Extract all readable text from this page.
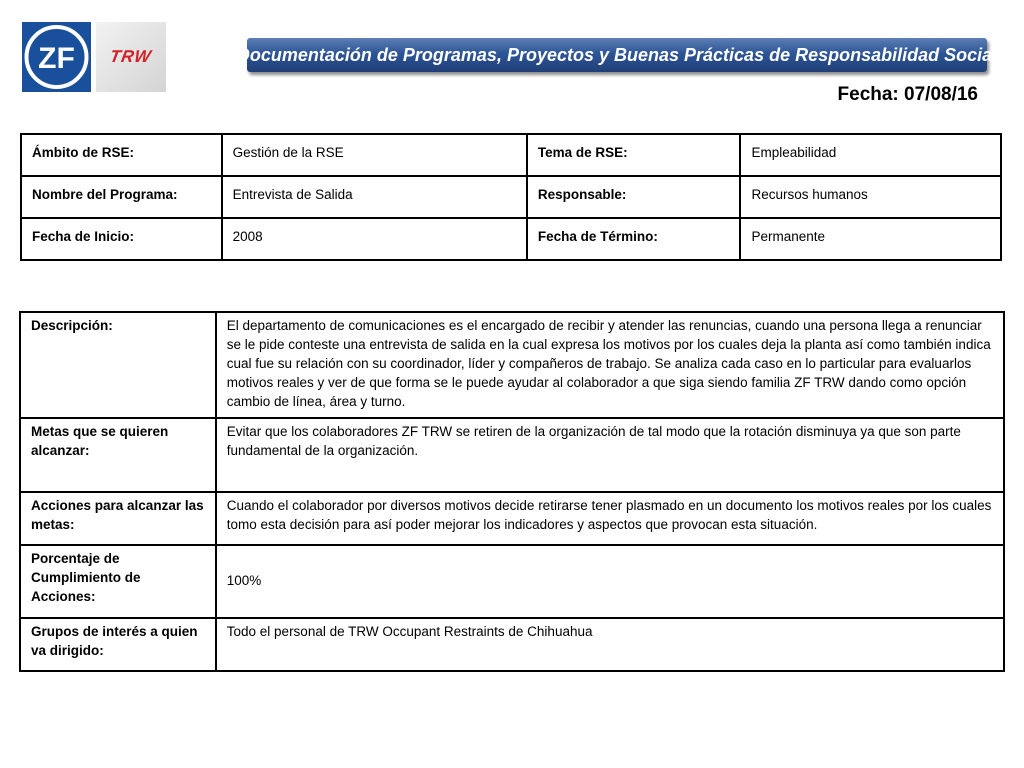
ZF TRW	Documentación de Programas, Proyectos y Buenas Prácticas de Responsabilidad Social
Fecha: 07/08/16
Ámbito de RSE:	Gestión de la RSE	Tema de RSE:	Empleabilidad
Nombre del Programa:	Entrevista de Salida	Responsable:	Recursos humanos
Fecha de Inicio:	2008	Fecha de Término:	Permanente
Descripción:	El departamento de comunicaciones es el encargado de recibir y atender las renuncias, cuando una persona llega a renunciar se le pide conteste una entrevista de salida en la cual expresa los motivos por los cuales deja la planta así como también indica cual fue su relación con su coordinador, líder y compañeros de trabajo. Se analiza cada caso en lo particular para evaluarlos motivos reales y ver de que forma se le puede ayudar al colaborador a que siga siendo familia ZF TRW dando como opción cambio de línea, área y turno.
Metas que se quieren alcanzar:	Evitar que los colaboradores ZF TRW se retiren de la organización de tal modo que la rotación disminuya ya que son parte fundamental de la organización.
Acciones para alcanzar las metas:	Cuando el colaborador por diversos motivos decide retirarse tener plasmado en un documento los motivos reales por los cuales tomo esta decisión para así poder mejorar los indicadores y aspectos que provocan esta situación.
Porcentaje de Cumplimiento de Acciones:	100%
Grupos de interés a quien va dirigido:	Todo el personal de TRW Occupant Restraints de Chihuahua
